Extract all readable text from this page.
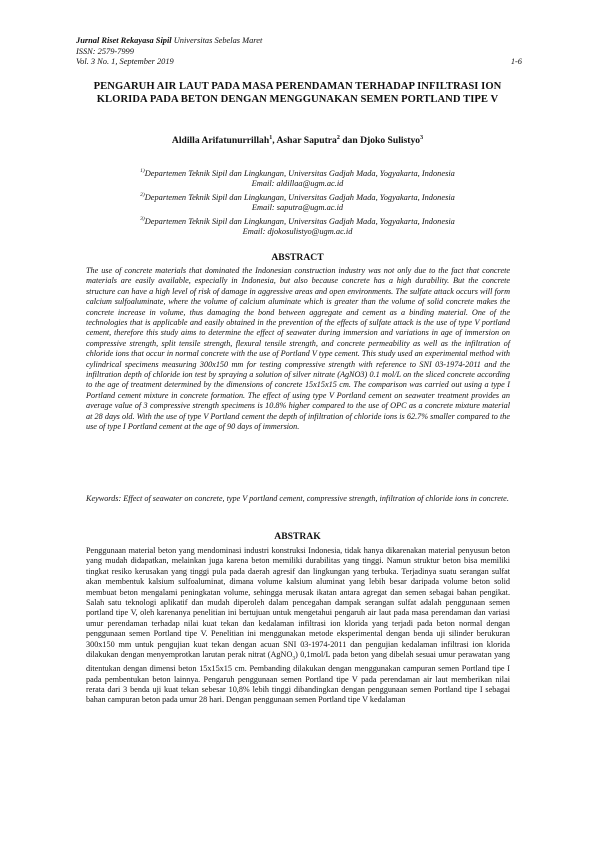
Jurnal Riset Rekayasa Sipil Universitas Sebelas Maret
ISSN: 2579-7999
Vol. 3 No. 1, September 2019	1-6
PENGARUH AIR LAUT PADA MASA PERENDAMAN TERHADAP INFILTRASI ION
KLORIDA PADA BETON DENGAN MENGGUNAKAN SEMEN PORTLAND TIPE V
Aldilla Arifatunurrillah$^1$, Ashar Saputra$^2$ dan Djoko Sulistyo$^3$
$^{1)}$Departemen Teknik Sipil dan Lingkungan, Universitas Gadjah Mada, Yogyakarta, Indonesia
Email: aldillaa@ugm.ac.id
$^{2)}$Departemen Teknik Sipil dan Lingkungan, Universitas Gadjah Mada, Yogyakarta, Indonesia
Email: saputra@ugm.ac.id
$^{3)}$Departemen Teknik Sipil dan Lingkungan, Universitas Gadjah Mada, Yogyakarta, Indonesia
Email: djokosulistyo@ugm.ac.id
ABSTRACT
The use of concrete materials that dominated the Indonesian construction industry was not only due to the fact that concrete materials are easily available, especially in Indonesia, but also because concrete has a high durability. But the concrete structure can have a high level of risk of damage in aggressive areas and open environments. The sulfate attack occurs will form calcium sulfoaluminate, where the volume of calcium aluminate which is greater than the volume of solid concrete makes the concrete increase in volume, thus damaging the bond between aggregate and cement as a binding material. One of the technologies that is applicable and easily obtained in the prevention of the effects of sulfate attack is the use of type V portland cement, therefore this study aims to determine the effect of seawater during immersion and variations in age of immersion on compressive strength, split tensile strength, flexural tensile strength, and concrete permeability as well as the infiltration of chloride ions that occur in normal concrete with the use of Portland V type cement. This study used an experimental method with cylindrical specimens measuring 300x150 mm for testing compressive strength with reference to SNI 03-1974-2011 and the infiltration depth of chloride ion test by spraying a solution of silver nitrate (AgNO3) 0.1 mol/L on the sliced concrete according to the age of treatment determined by the dimensions of concrete 15x15x15 cm. The comparison was carried out using a type I Portland cement mixture in concrete formation. The effect of using type V Portland cement on seawater treatment provides an average value of 3 compressive strength specimens is 10.8% higher compared to the use of OPC as a concrete mixture material at 28 days old. With the use of type V Portland cement the depth of infiltration of chloride ions is 62.7% smaller compared to the use of type I Portland cement at the age of 90 days of immersion.
Keywords: Effect of seawater on concrete, type V portland cement, compressive strength, infiltration of chloride ions in concrete.
ABSTRAK
Penggunaan material beton yang mendominasi industri konstruksi Indonesia, tidak hanya dikarenakan material penyusun beton yang mudah didapatkan, melainkan juga karena beton memiliki durabilitas yang tinggi. Namun struktur beton bisa memiliki tingkat resiko kerusakan yang tinggi pula pada daerah agresif dan lingkungan yang terbuka. Terjadinya suatu serangan sulfat akan membentuk kalsium sulfoaluminat, dimana volume kalsium aluminat yang lebih besar daripada volume beton solid membuat beton mengalami peningkatan volume, sehingga merusak ikatan antara agregat dan semen sebagai bahan pengikat. Salah satu teknologi aplikatif dan mudah diperoleh dalam pencegahan dampak serangan sulfat adalah penggunaan semen portland tipe V, oleh karenanya penelitian ini bertujuan untuk mengetahui pengaruh air laut pada masa perendaman dan variasi umur perendaman terhadap nilai kuat tekan dan kedalaman infiltrasi ion klorida yang terjadi pada beton normal dengan penggunaan semen Portland tipe V. Penelitian ini menggunakan metode eksperimental dengan benda uji silinder berukuran 300x150 mm untuk pengujian kuat tekan dengan acuan SNI 03-1974-2011 dan pengujian kedalaman infiltrasi ion klorida dilakukan dengan menyemprotkan larutan perak nitrat (AgNO$_3$) 0,1mol/L pada beton yang dibelah sesuai umur perawatan yang ditentukan dengan dimensi beton 15x15x15 cm. Pembanding dilakukan dengan menggunakan campuran semen Portland tipe I pada pembentukan beton lainnya. Pengaruh penggunaan semen Portland tipe V pada perendaman air laut memberikan nilai rerata dari 3 benda uji kuat tekan sebesar 10,8% lebih tinggi dibandingkan dengan penggunaan semen Portland tipe I sebagai bahan campuran beton pada umur 28 hari. Dengan penggunaan semen Portland tipe V kedalaman
